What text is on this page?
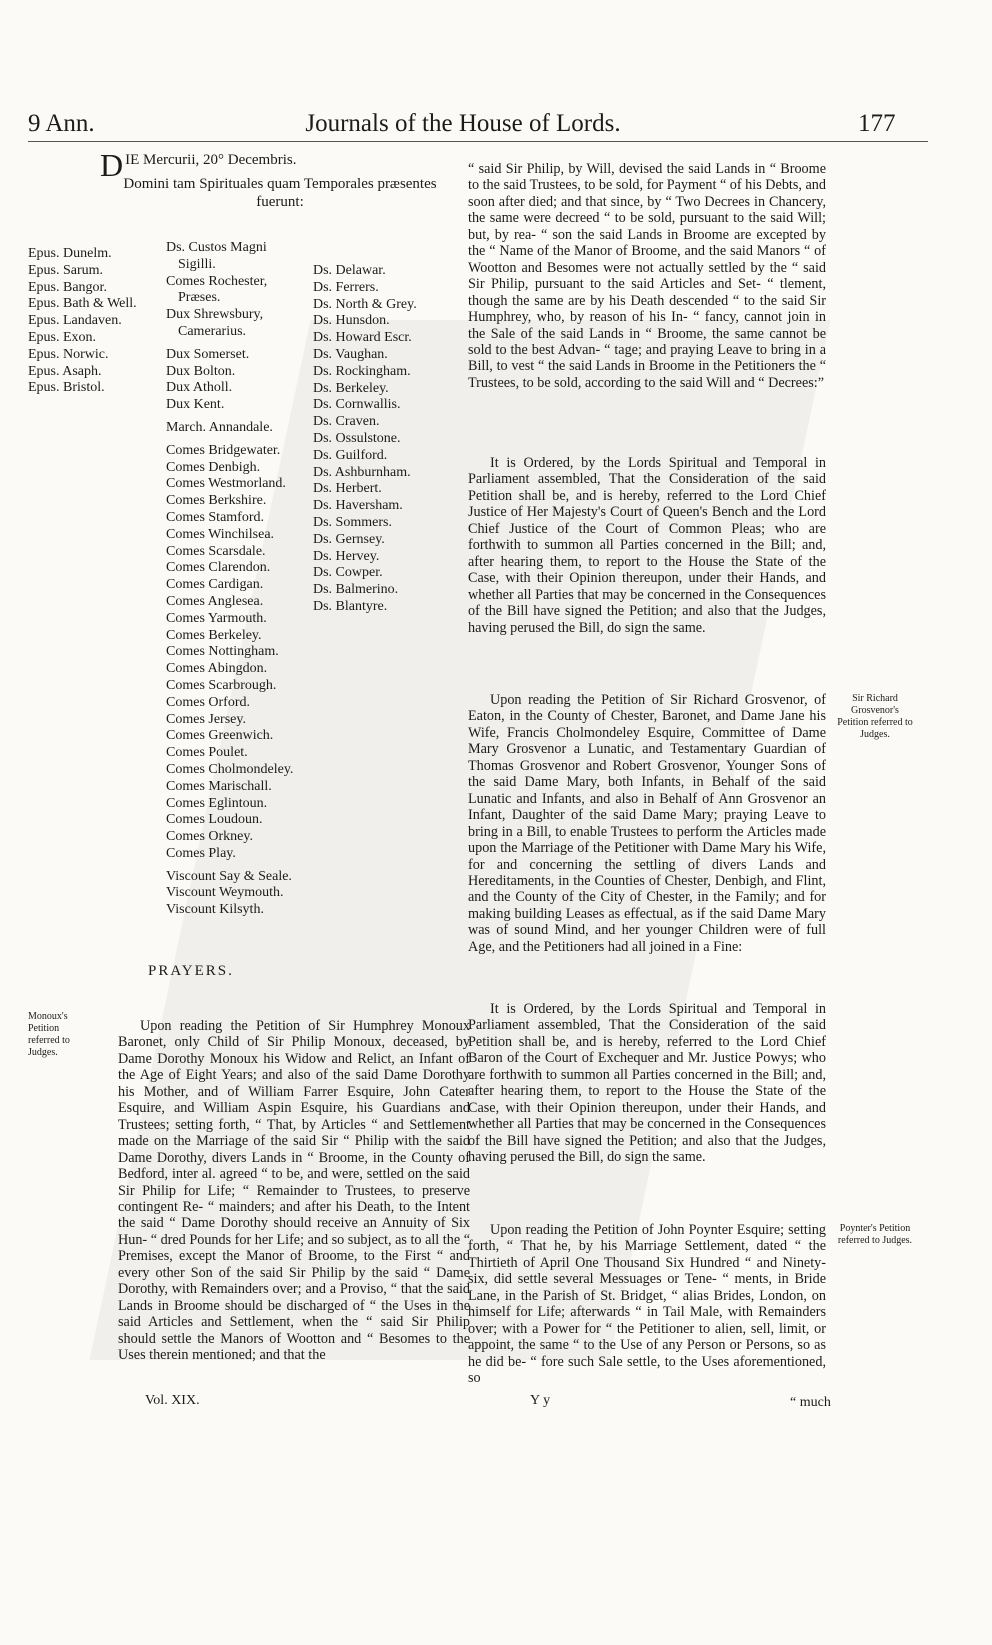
9 Ann.	Journals of the House of Lords.	177
DIE Mercurii, 20° Decembris.
Domini tam Spirituales quam Temporales præsentes
fuerunt:
Epus. Dunelm.
Epus. Sarum.
Epus. Bangor.
Epus. Bath & Well.
Epus. Landaven.
Epus. Exon.
Epus. Norwic.
Epus. Asaph.
Epus. Bristol.
Ds. Custos Magni
Sigilli.
Comes Rochester,
Præses.
Dux Shrewsbury,
Camerarius.
Dux Somerset.
Dux Bolton.
Dux Atholl.
Dux Kent.
March. Annandale.
Comes Bridgewater.
Comes Denbigh.
Comes Westmorland.
Comes Berkshire.
Comes Stamford.
Comes Winchilsea.
Comes Scarsdale.
Comes Clarendon.
Comes Cardigan.
Comes Anglesea.
Comes Yarmouth.
Comes Berkeley.
Comes Nottingham.
Comes Abingdon.
Comes Scarbrough.
Comes Orford.
Comes Jersey.
Comes Greenwich.
Comes Poulet.
Comes Cholmondeley.
Comes Marischall.
Comes Eglintoun.
Comes Loudoun.
Comes Orkney.
Comes Play.
Viscount Say & Seale.
Viscount Weymouth.
Viscount Kilsyth.
Ds. Delawar.
Ds. Ferrers.
Ds. North & Grey.
Ds. Hunsdon.
Ds. Howard Escr.
Ds. Vaughan.
Ds. Rockingham.
Ds. Berkeley.
Ds. Cornwallis.
Ds. Craven.
Ds. Ossulstone.
Ds. Guilford.
Ds. Ashburnham.
Ds. Herbert.
Ds. Haversham.
Ds. Sommers.
Ds. Gernsey.
Ds. Hervey.
Ds. Cowper.
Ds. Balmerino.
Ds. Blantyre.
PRAYERS.
Monoux's Petition referred to Judges.
Sir Richard Grosvenor's Petition referred to Judges.
Poynter's Petition referred to Judges.
Upon reading the Petition of Sir Humphrey Monoux Baronet, only Child of Sir Philip Monoux, deceased, by Dame Dorothy Monoux his Widow and Relict, an Infant of the Age of Eight Years; and also of the said Dame Dorothy his Mother, and of William Farrer Esquire, John Cater Esquire, and William Aspin Esquire, his Guardians and Trustees; setting forth, “ That, by Articles “ and Settlement made on the Marriage of the said Sir “ Philip with the said Dame Dorothy, divers Lands in “ Broome, in the County of Bedford, inter al. agreed “ to be, and were, settled on the said Sir Philip for Life; “ Remainder to Trustees, to preserve contingent Re- “ mainders; and after his Death, to the Intent the said “ Dame Dorothy should receive an Annuity of Six Hun- “ dred Pounds for her Life; and so subject, as to all the “ Premises, except the Manor of Broome, to the First “ and every other Son of the said Sir Philip by the said “ Dame Dorothy, with Remainders over; and a Proviso, “ that the said Lands in Broome should be discharged of “ the Uses in the said Articles and Settlement, when the “ said Sir Philip should settle the Manors of Wootton and “ Besomes to the Uses therein mentioned; and that the
“ said Sir Philip, by Will, devised the said Lands in “ Broome to the said Trustees, to be sold, for Payment “ of his Debts, and soon after died; and that since, by “ Two Decrees in Chancery, the same were decreed “ to be sold, pursuant to the said Will; but, by rea- “ son the said Lands in Broome are excepted by the “ Name of the Manor of Broome, and the said Manors “ of Wootton and Besomes were not actually settled by the “ said Sir Philip, pursuant to the said Articles and Set- “ tlement, though the same are by his Death descended “ to the said Sir Humphrey, who, by reason of his In- “ fancy, cannot join in the Sale of the said Lands in “ Broome, the same cannot be sold to the best Advan- “ tage; and praying Leave to bring in a Bill, to vest “ the said Lands in Broome in the Petitioners the “ Trustees, to be sold, according to the said Will and “ Decrees:”
It is Ordered, by the Lords Spiritual and Temporal in Parliament assembled, That the Consideration of the said Petition shall be, and is hereby, referred to the Lord Chief Justice of Her Majesty's Court of Queen's Bench and the Lord Chief Justice of the Court of Common Pleas; who are forthwith to summon all Parties concerned in the Bill; and, after hearing them, to report to the House the State of the Case, with their Opinion thereupon, under their Hands, and whether all Parties that may be concerned in the Consequences of the Bill have signed the Petition; and also that the Judges, having perused the Bill, do sign the same.
Upon reading the Petition of Sir Richard Grosvenor, of Eaton, in the County of Chester, Baronet, and Dame Jane his Wife, Francis Cholmondeley Esquire, Committee of Dame Mary Grosvenor a Lunatic, and Testamentary Guardian of Thomas Grosvenor and Robert Grosvenor, Younger Sons of the said Dame Mary, both Infants, in Behalf of the said Lunatic and Infants, and also in Behalf of Ann Grosvenor an Infant, Daughter of the said Dame Mary; praying Leave to bring in a Bill, to enable Trustees to perform the Articles made upon the Marriage of the Petitioner with Dame Mary his Wife, for and concerning the settling of divers Lands and Hereditaments, in the Counties of Chester, Denbigh, and Flint, and the County of the City of Chester, in the Family; and for making building Leases as effectual, as if the said Dame Mary was of sound Mind, and her younger Children were of full Age, and the Petitioners had all joined in a Fine:
It is Ordered, by the Lords Spiritual and Temporal in Parliament assembled, That the Consideration of the said Petition shall be, and is hereby, referred to the Lord Chief Baron of the Court of Exchequer and Mr. Justice Powys; who are forthwith to summon all Parties concerned in the Bill; and, after hearing them, to report to the House the State of the Case, with their Opinion thereupon, under their Hands, and whether all Parties that may be concerned in the Consequences of the Bill have signed the Petition; and also that the Judges, having perused the Bill, do sign the same.
Upon reading the Petition of John Poynter Esquire; setting forth, “ That he, by his Marriage Settlement, dated “ the Thirtieth of April One Thousand Six Hundred “ and Ninety-six, did settle several Messuages or Tene- “ ments, in Bride Lane, in the Parish of St. Bridget, “ alias Brides, London, on himself for Life; afterwards “ in Tail Male, with Remainders over; with a Power for “ the Petitioner to alien, sell, limit, or appoint, the same “ to the Use of any Person or Persons, so as he did be- “ fore such Sale settle, to the Uses aforementioned, so
Vol. XIX.	Y y	“ much
